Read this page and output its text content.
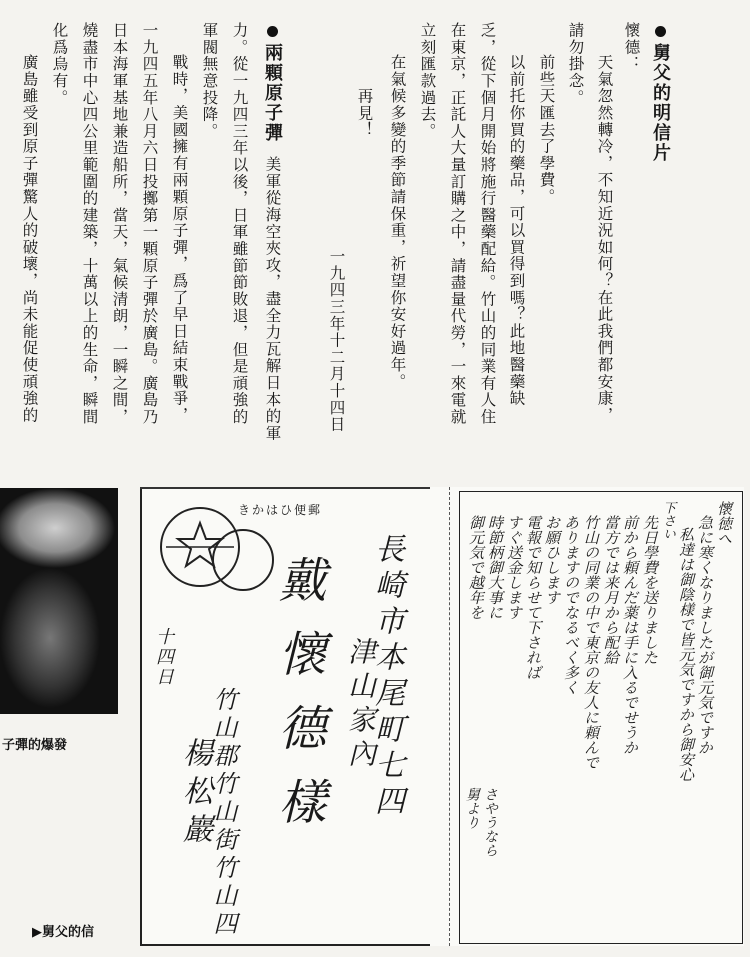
舅父的明信片
懷德：
天氣忽然轉冷，不知近況如何？在此我們都安康，
請勿掛念。
前些天匯去了學費。
以前托你買的藥品，可以買得到嗎？此地醫藥缺
乏，從下個月開始將施行醫藥配給。竹山的同業有人住
在東京，正託人大量訂購之中，請盡量代勞，一來電就
立刻匯款過去。
在氣候多變的季節請保重，祈望你安好過年。
再見！
一九四三年十二月十四日
兩顆原子彈
美軍從海空夾攻，盡全力瓦解日本的軍
力。從一九四三年以後，日軍雖節節敗退，但是頑強的
軍閥無意投降。
戰時，美國擁有兩顆原子彈，爲了早日結束戰爭，
一九四五年八月六日投擲第一顆原子彈於廣島。廣島乃
日本海軍基地兼造船所，當天，氣候清朗，一瞬之間，
燒盡市中心四公里範圍的建築，十萬以上的生命，瞬間
化爲烏有。
廣島雖受到原子彈驚人的破壞，尚未能促使頑強的
子彈的爆發
▶舅父的信
きかはひ便郵
長崎市本尾町七四
津山家內
戴懷德樣
竹山郡竹山街竹山四
楊松巖
十四日
懷徳へ
急に寒くなりましたが御元気ですか
私達は御陰様で皆元気ですから御安心
下さい
先日學費を送りました
前から頼んだ薬は手に入るでせうか
當方では来月から配給
竹山の同業の中で東京の友人に頼んで
ありますのでなるべく多く
お願ひします
電報で知らせて下されば
すぐ送金します
時節柄御大事に
御元気で越年を
さやうなら
舅より
